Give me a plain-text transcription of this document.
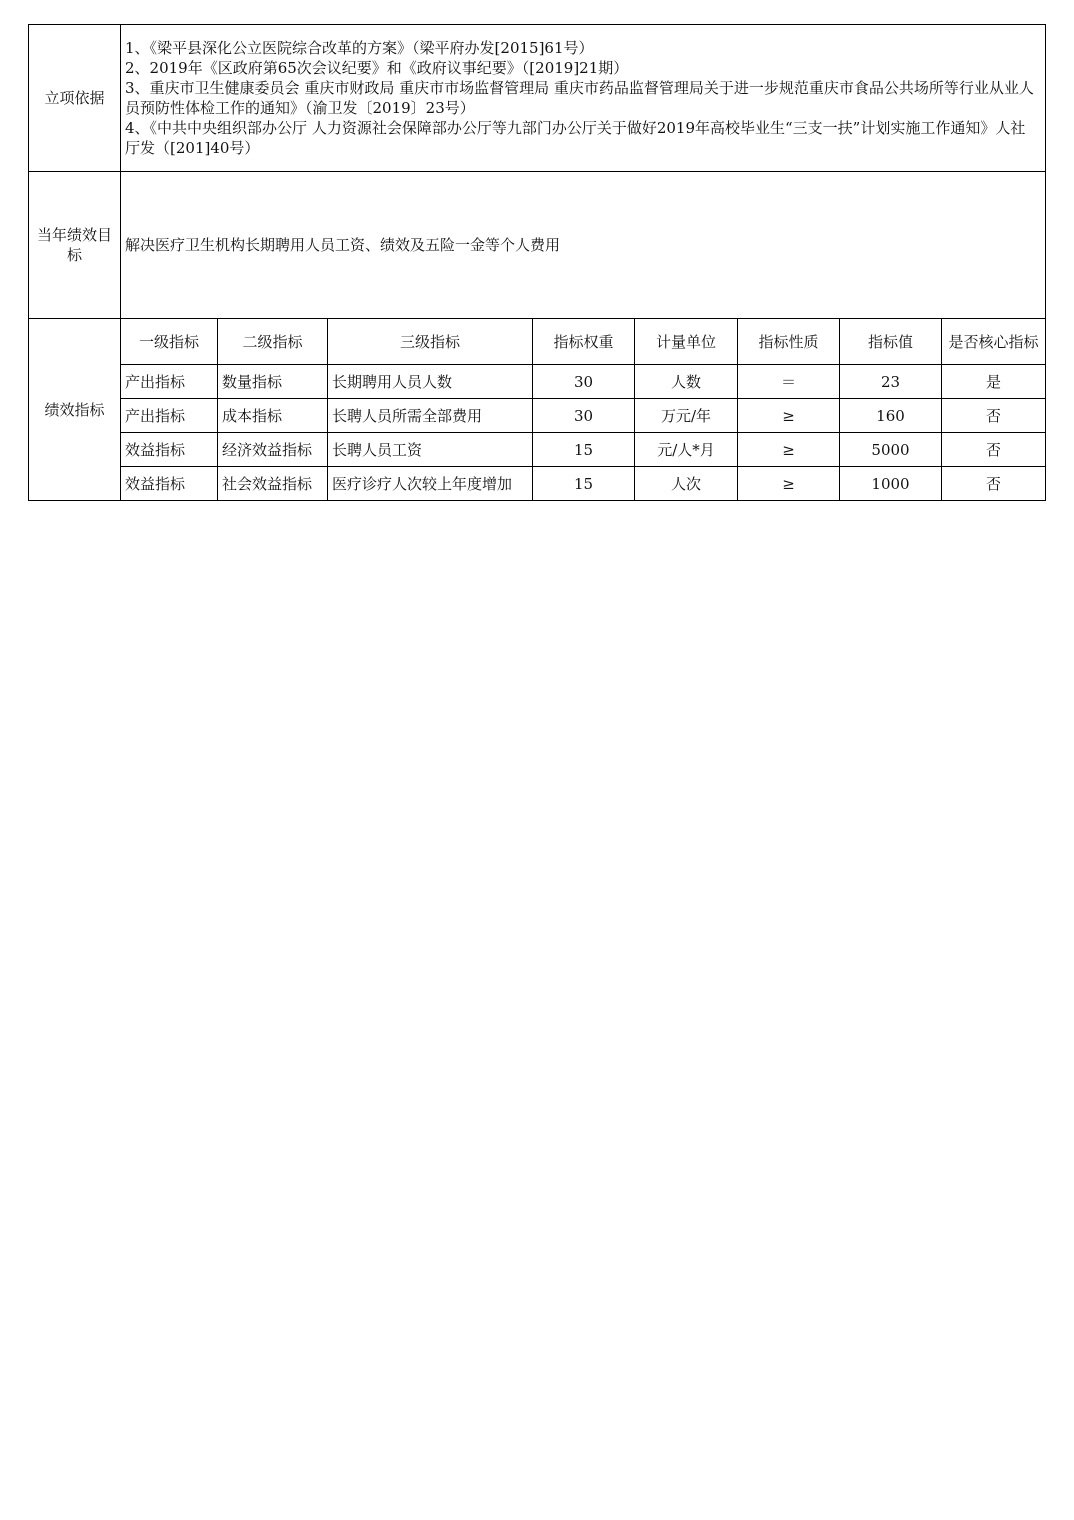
立项依据	1、《梁平县深化公立医院综合改革的方案》（梁平府办发[2015]61号）
2、2019年《区政府第65次会议纪要》和《政府议事纪要》（[2019]21期）
3、重庆市卫生健康委员会 重庆市财政局 重庆市市场监督管理局 重庆市药品监督管理局关于进一步规范重庆市食品公共场所等行业从业人员预防性体检工作的通知》（渝卫发〔2019〕23号）
4、《中共中央组织部办公厅 人力资源社会保障部办公厅等九部门办公厅关于做好2019年高校毕业生“三支一扶”计划实施工作通知》人社厅发（[201]40号）							

当年绩效目标	解决医疗卫生机构长期聘用人员工资、绩效及五险一金等个人费用							
绩效指标	一级指标	二级指标	三级指标	指标权重	计量单位	指标性质	指标值	是否核心指标
	产出指标	数量指标	长期聘用人员人数	30	人数	＝	23	是
	产出指标	成本指标	长聘人员所需全部费用	30	万元/年	≥	160	否
	效益指标	经济效益指标	长聘人员工资	15	元/人*月	≥	5000	否
	效益指标	社会效益指标	医疗诊疗人次较上年度增加	15	人次	≥	1000	否
